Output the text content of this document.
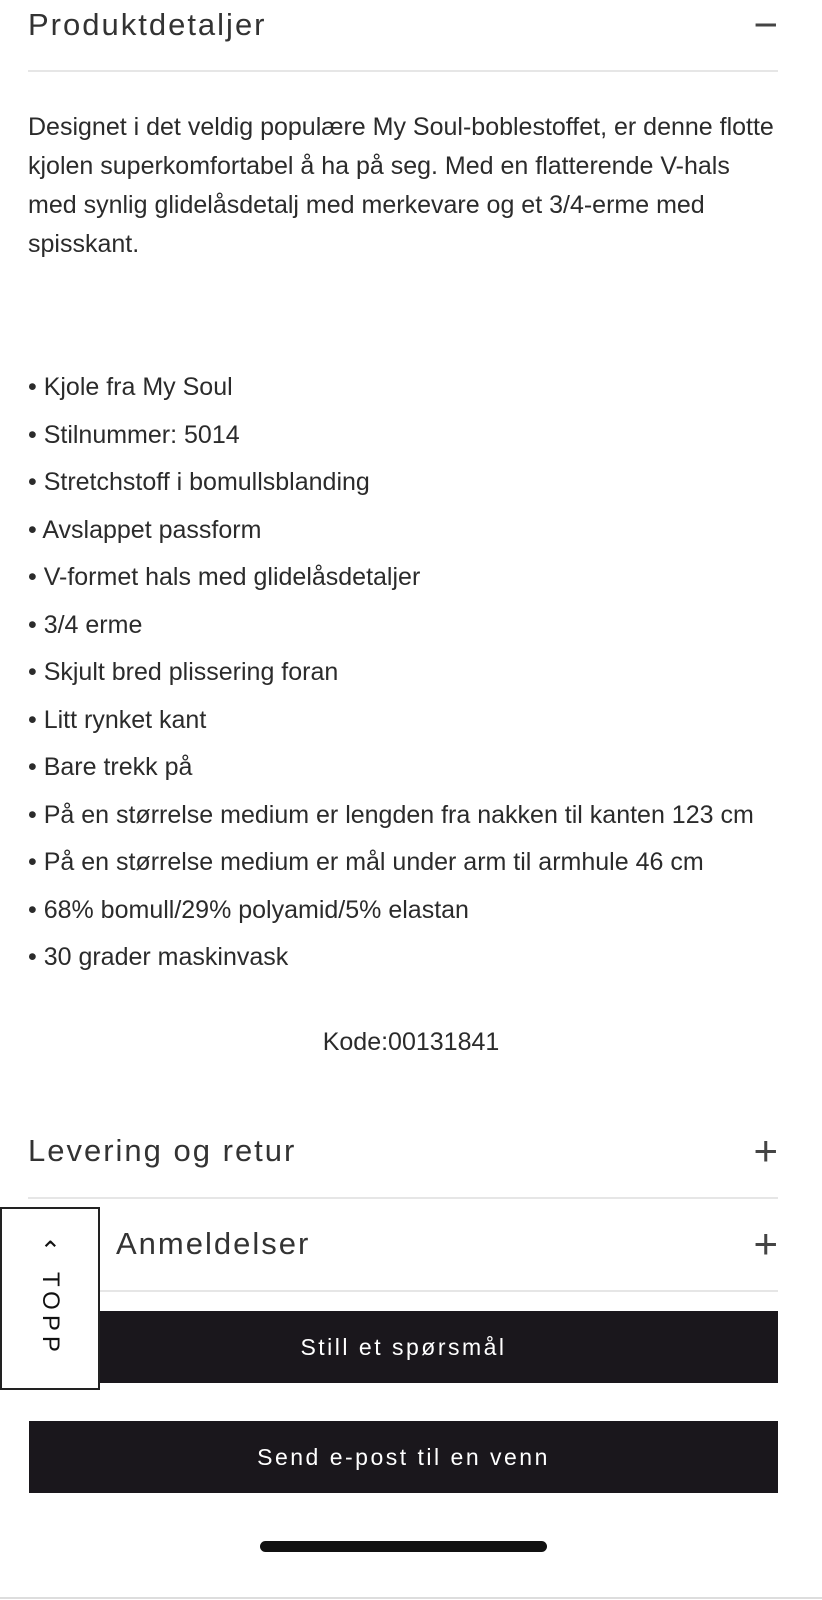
Produktdetaljer	−

Designet i det veldig populære My Soul-boblestoffet, er denne flotte kjolen superkomfortabel å ha på seg. Med en flatterende V-hals med synlig glidelåsdetalj med merkevare og et 3/4-erme med spisskant.

• Kjole fra My Soul
• Stilnummer: 5014
• Stretchstoff i bomullsblanding
• Avslappet passform
• V-formet hals med glidelåsdetaljer
• 3/4 erme
• Skjult bred plissering foran
• Litt rynket kant
• Bare trekk på
• På en størrelse medium er lengden fra nakken til kanten 123 cm
• På en størrelse medium er mål under arm til armhule 46 cm
• 68% bomull/29% polyamid/5% elastan
• 30 grader maskinvask
Kode:00131841
Levering og retur	+
Anmeldelser	+
Still et spørsmål
Send e-post til en venn
⌃
TOPP
